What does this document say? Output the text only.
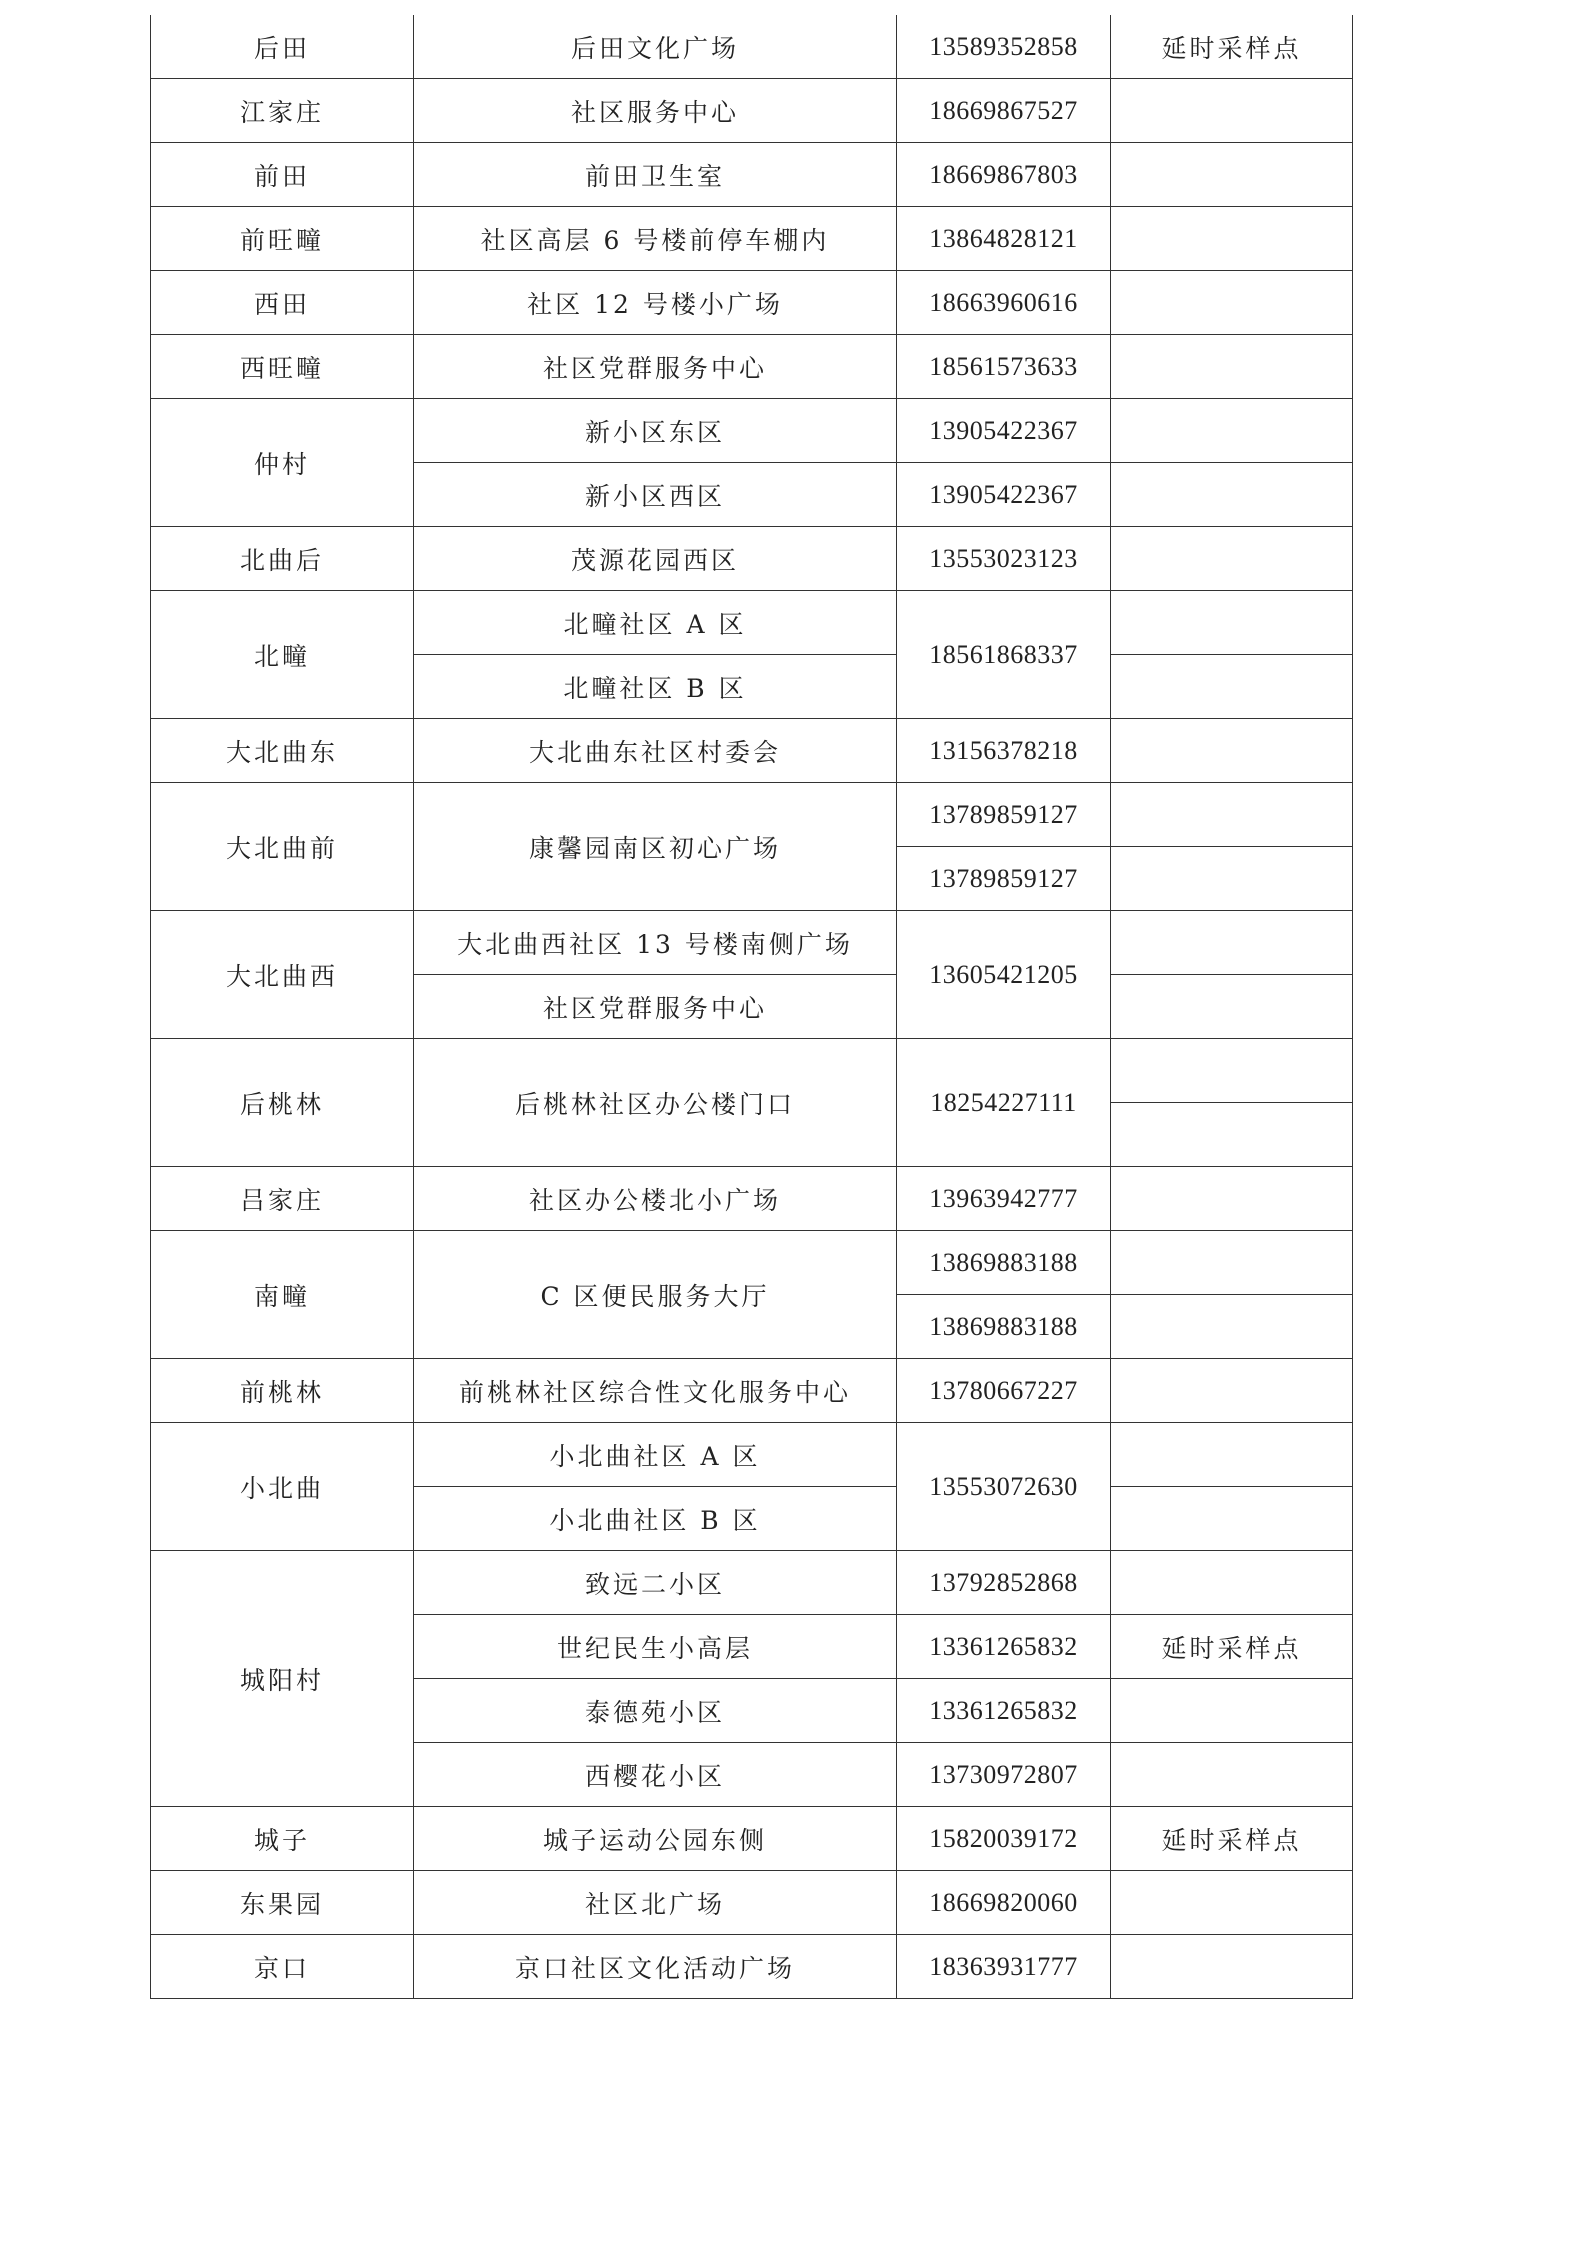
后田	后田文化广场	13589352858	延时采样点
江家庄	社区服务中心	18669867527	
前田	前田卫生室	18669867803	
前旺疃	社区高层 6 号楼前停车棚内	13864828121	
西田	社区 12 号楼小广场	18663960616	
西旺疃	社区党群服务中心	18561573633	
仲村	新小区东区	13905422367	
	新小区西区	13905422367	
北曲后	茂源花园西区	13553023123	
北疃	北疃社区 A 区	18561868337	
	北疃社区 B 区		
大北曲东	大北曲东社区村委会	13156378218	
大北曲前	康馨园南区初心广场	13789859127	
		13789859127	
大北曲西	大北曲西社区 13 号楼南侧广场	13605421205	
	社区党群服务中心		
后桃林	后桃林社区办公楼门口	18254227111	

吕家庄	社区办公楼北小广场	13963942777	
南疃	C 区便民服务大厅	13869883188	
		13869883188	
前桃林	前桃林社区综合性文化服务中心	13780667227	
小北曲	小北曲社区 A 区	13553072630	
	小北曲社区 B 区		
城阳村	致远二小区	13792852868	
	世纪民生小高层	13361265832	延时采样点
	泰德苑小区	13361265832	
	西樱花小区	13730972807	
城子	城子运动公园东侧	15820039172	延时采样点
东果园	社区北广场	18669820060	
京口	京口社区文化活动广场	18363931777	
